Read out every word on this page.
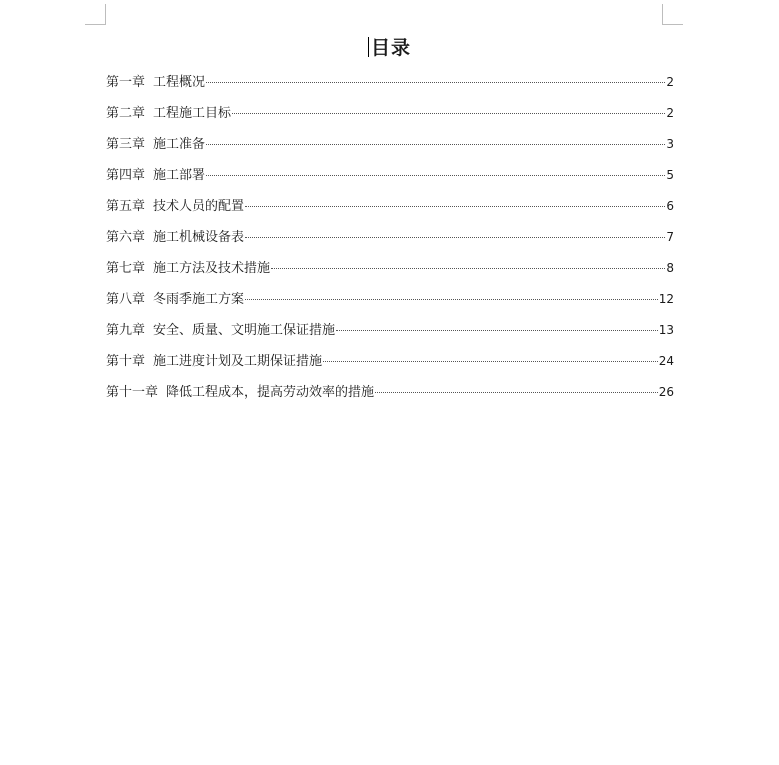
目录
第一章 工程概况	2
第二章 工程施工目标	2
第三章 施工准备	3
第四章 施工部署	5
第五章 技术人员的配置	6
第六章 施工机械设备表	7
第七章 施工方法及技术措施	8
第八章 冬雨季施工方案	12
第九章 安全、质量、文明施工保证措施	13
第十章 施工进度计划及工期保证措施	24
第十一章 降低工程成本，提高劳动效率的措施	26
